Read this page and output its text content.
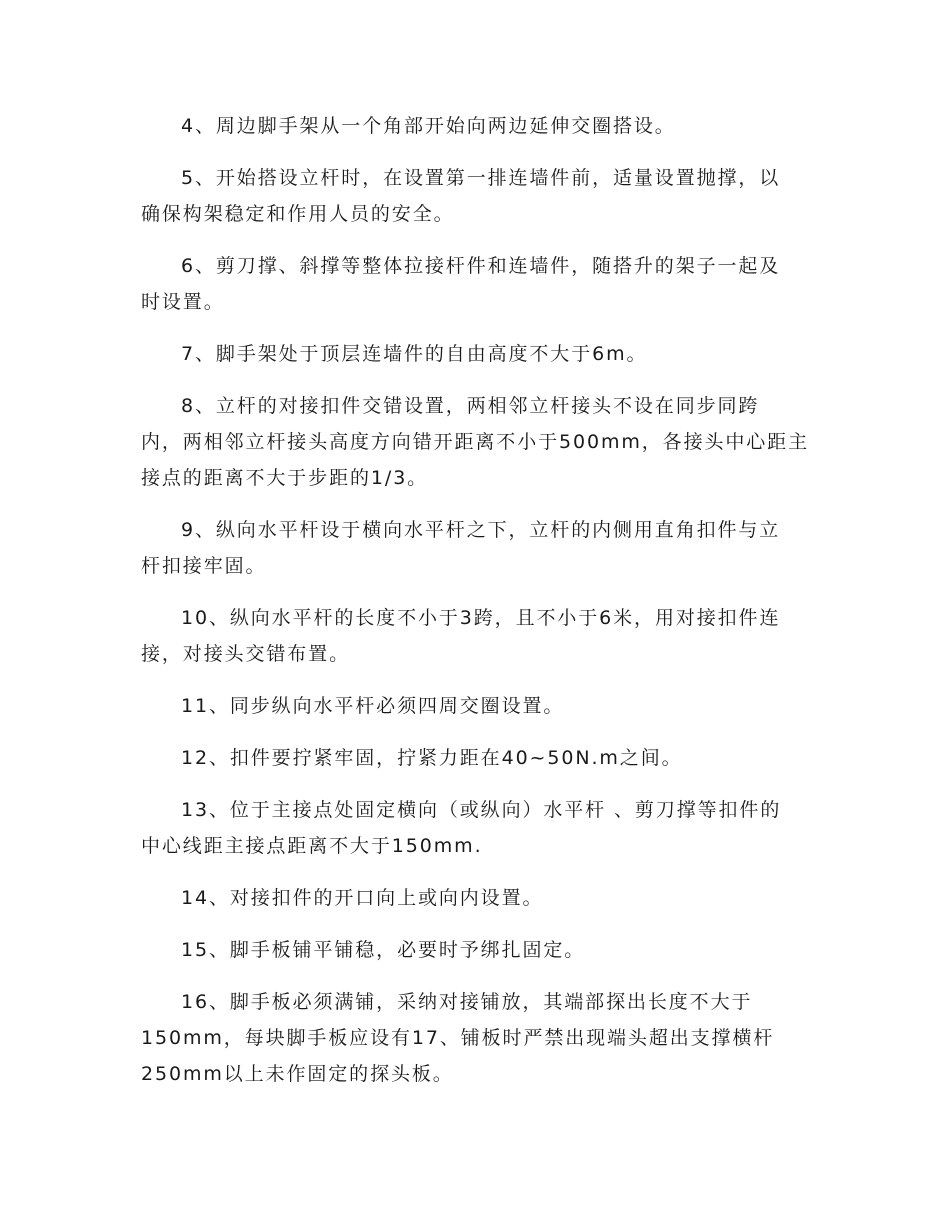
4、周边脚手架从一个角部开始向两边延伸交圈搭设。

5、开始搭设立杆时，在设置第一排连墙件前，适量设置抛撑，以
确保构架稳定和作用人员的安全。

6、剪刀撑、斜撑等整体拉接杆件和连墙件，随搭升的架子一起及
时设置。

7、脚手架处于顶层连墙件的自由高度不大于6m。

8、立杆的对接扣件交错设置，两相邻立杆接头不设在同步同跨
内，两相邻立杆接头高度方向错开距离不小于500mm，各接头中心距主
接点的距离不大于步距的1/3。

9、纵向水平杆设于横向水平杆之下，立杆的内侧用直角扣件与立
杆扣接牢固。

10、纵向水平杆的长度不小于3跨，且不小于6米，用对接扣件连
接，对接头交错布置。

11、同步纵向水平杆必须四周交圈设置。

12、扣件要拧紧牢固，拧紧力距在40~50N.m之间。

13、位于主接点处固定横向（或纵向）水平杆 、剪刀撑等扣件的
中心线距主接点距离不大于150mm.

14、对接扣件的开口向上或向内设置。

15、脚手板铺平铺稳，必要时予绑扎固定。

16、脚手板必须满铺，采纳对接铺放，其端部探出长度不大于
150mm，每块脚手板应设有17、铺板时严禁出现端头超出支撑横杆
250mm以上未作固定的探头板。
